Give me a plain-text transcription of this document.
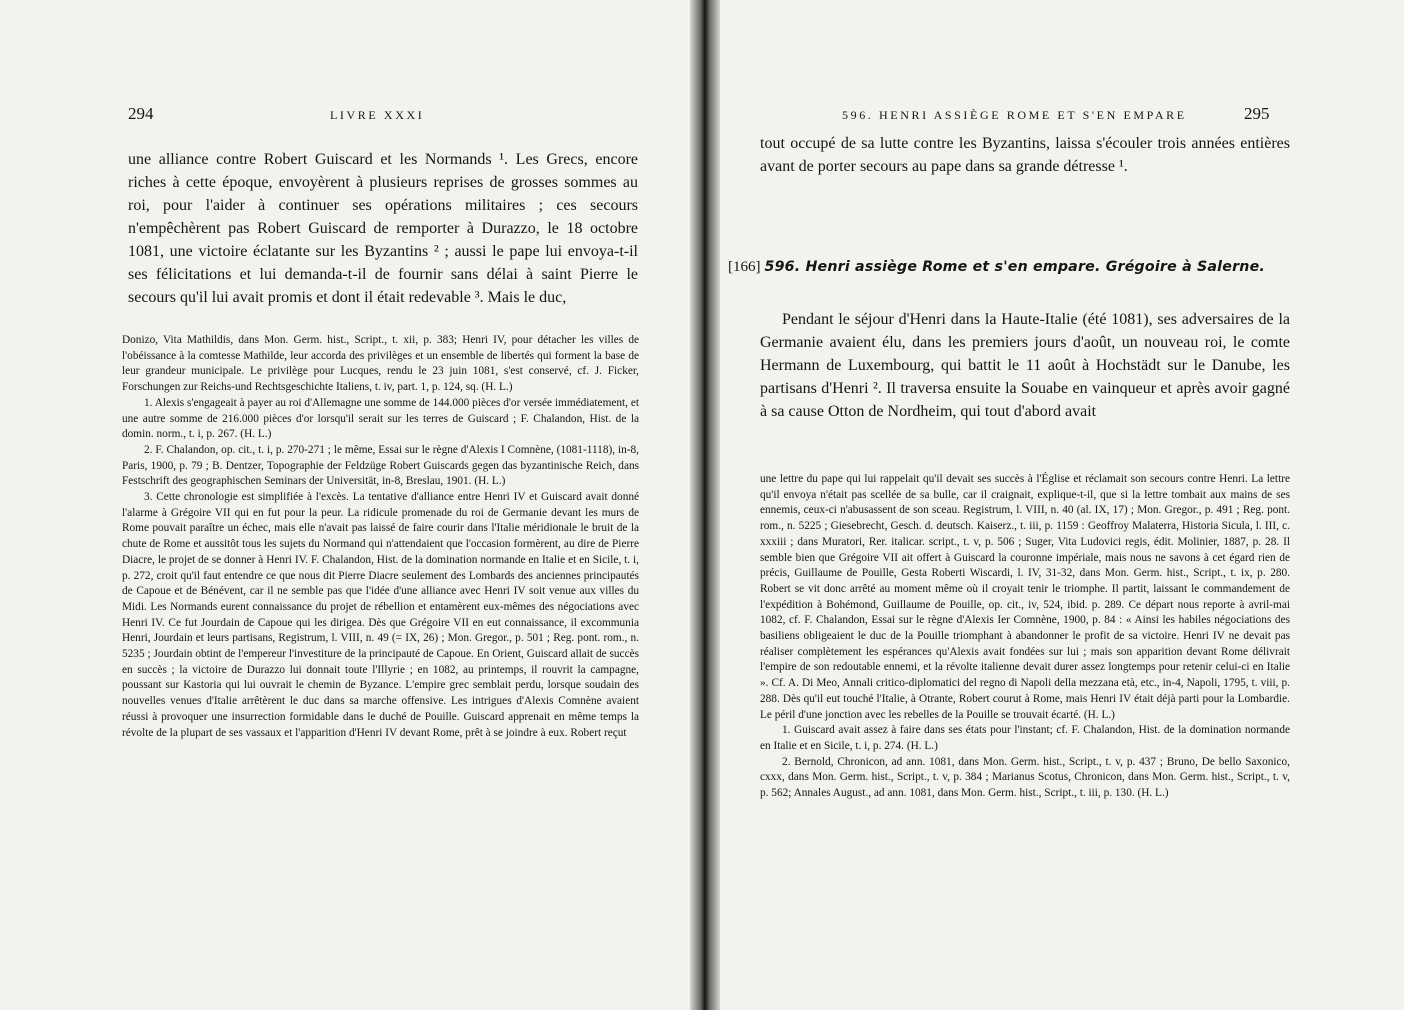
294	LIVRE XXXI

une alliance contre Robert Guiscard et les Normands ¹. Les Grecs, encore riches à cette époque, envoyèrent à plusieurs reprises de grosses sommes au roi, pour l'aider à continuer ses opérations militaires ; ces secours n'empêchèrent pas Robert Guiscard de remporter à Durazzo, le 18 octobre 1081, une victoire éclatante sur les Byzantins ² ; aussi le pape lui envoya-t-il ses félicitations et lui demanda-t-il de fournir sans délai à saint Pierre le secours qu'il lui avait promis et dont il était redevable ³. Mais le duc,

Donizo, Vita Mathildis, dans Mon. Germ. hist., Script., t. xii, p. 383; Henri IV, pour détacher les villes de l'obéissance à la comtesse Mathilde, leur accorda des privilèges et un ensemble de libertés qui forment la base de leur grandeur municipale. Le privilège pour Lucques, rendu le 23 juin 1081, s'est conservé, cf. J. Ficker, Forschungen zur Reichs-und Rechtsgeschichte Italiens, t. iv, part. 1, p. 124, sq. (H. L.)

1. Alexis s'engageait à payer au roi d'Allemagne une somme de 144.000 pièces d'or versée immédiatement, et une autre somme de 216.000 pièces d'or lorsqu'il serait sur les terres de Guiscard ; F. Chalandon, Hist. de la domin. norm., t. i, p. 267. (H. L.)

2. F. Chalandon, op. cit., t. i, p. 270-271 ; le même, Essai sur le règne d'Alexis I Comnène, (1081-1118), in-8, Paris, 1900, p. 79 ; B. Dentzer, Topographie der Feldzüge Robert Guiscards gegen das byzantinische Reich, dans Festschrift des geographischen Seminars der Universität, in-8, Breslau, 1901. (H. L.)

3. Cette chronologie est simplifiée à l'excès. La tentative d'alliance entre Henri IV et Guiscard avait donné l'alarme à Grégoire VII qui en fut pour la peur. La ridicule promenade du roi de Germanie devant les murs de Rome pouvait paraître un échec, mais elle n'avait pas laissé de faire courir dans l'Italie méridionale le bruit de la chute de Rome et aussitôt tous les sujets du Normand qui n'attendaient que l'occasion formèrent, au dire de Pierre Diacre, le projet de se donner à Henri IV. F. Chalandon, Hist. de la domination normande en Italie et en Sicile, t. i, p. 272, croit qu'il faut entendre ce que nous dit Pierre Diacre seulement des Lombards des anciennes principautés de Capoue et de Bénévent, car il ne semble pas que l'idée d'une alliance avec Henri IV soit venue aux villes du Midi. Les Normands eurent connaissance du projet de rébellion et entamèrent eux-mêmes des négociations avec Henri IV. Ce fut Jourdain de Capoue qui les dirigea. Dès que Grégoire VII en eut connaissance, il excommunia Henri, Jourdain et leurs partisans, Registrum, l. VIII, n. 49 (= IX, 26) ; Mon. Gregor., p. 501 ; Reg. pont. rom., n. 5235 ; Jourdain obtint de l'empereur l'investiture de la principauté de Capoue. En Orient, Guiscard allait de succès en succès ; la victoire de Durazzo lui donnait toute l'Illyrie ; en 1082, au printemps, il rouvrit la campagne, poussant sur Kastoria qui lui ouvrait le chemin de Byzance. L'empire grec semblait perdu, lorsque soudain des nouvelles venues d'Italie arrêtèrent le duc dans sa marche offensive. Les intrigues d'Alexis Comnène avaient réussi à provoquer une insurrection formidable dans le duché de Pouille. Guiscard apprenait en même temps la révolte de la plupart de ses vassaux et l'apparition d'Henri IV devant Rome, prêt à se joindre à eux. Robert reçut

596. HENRI ASSIÈGE ROME ET S'EN EMPARE	295

tout occupé de sa lutte contre les Byzantins, laissa s'écouler trois années entières avant de porter secours au pape dans sa grande détresse ¹.

Pendant le séjour d'Henri dans la Haute-Italie (été 1081), ses adversaires de la Germanie avaient élu, dans les premiers jours d'août, un nouveau roi, le comte Hermann de Luxembourg, qui battit le 11 août à Hochstädt sur le Danube, les partisans d'Henri ². Il traversa ensuite la Souabe en vainqueur et après avoir gagné à sa cause Otton de Nordheim, qui tout d'abord avait

une lettre du pape qui lui rappelait qu'il devait ses succès à l'Église et réclamait son secours contre Henri. La lettre qu'il envoya n'était pas scellée de sa bulle, car il craignait, explique-t-il, que si la lettre tombait aux mains de ses ennemis, ceux-ci n'abusassent de son sceau. Registrum, l. VIII, n. 40 (al. IX, 17) ; Mon. Gregor., p. 491 ; Reg. pont. rom., n. 5225 ; Giesebrecht, Gesch. d. deutsch. Kaiserz., t. iii, p. 1159 : Geoffroy Malaterra, Historia Sicula, l. III, c. xxxiii ; dans Muratori, Rer. italicar. script., t. v, p. 506 ; Suger, Vita Ludovici regis, édit. Molinier, 1887, p. 28. Il semble bien que Grégoire VII ait offert à Guiscard la couronne impériale, mais nous ne savons à cet égard rien de précis, Guillaume de Pouille, Gesta Roberti Wiscardi, l. IV, 31-32, dans Mon. Germ. hist., Script., t. ix, p. 280. Robert se vit donc arrêté au moment même où il croyait tenir le triomphe. Il partit, laissant le commandement de l'expédition à Bohémond, Guillaume de Pouille, op. cit., iv, 524, ibid. p. 289. Ce départ nous reporte à avril-mai 1082, cf. F. Chalandon, Essai sur le règne d'Alexis Ier Comnène, 1900, p. 84 : « Ainsi les habiles négociations des basiliens obligeaient le duc de la Pouille triomphant à abandonner le profit de sa victoire. Henri IV ne devait pas réaliser complètement les espérances qu'Alexis avait fondées sur lui ; mais son apparition devant Rome délivrait l'empire de son redoutable ennemi, et la révolte italienne devait durer assez longtemps pour retenir celui-ci en Italie ». Cf. A. Di Meo, Annali critico-diplomatici del regno di Napoli della mezzana età, etc., in-4, Napoli, 1795, t. viii, p. 288. Dès qu'il eut touché l'Italie, à Otrante, Robert courut à Rome, mais Henri IV était déjà parti pour la Lombardie. Le péril d'une jonction avec les rebelles de la Pouille se trouvait écarté. (H. L.)

1. Guiscard avait assez à faire dans ses états pour l'instant; cf. F. Chalandon, Hist. de la domination normande en Italie et en Sicile, t. i, p. 274. (H. L.)

2. Bernold, Chronicon, ad ann. 1081, dans Mon. Germ. hist., Script., t. v, p. 437 ; Bruno, De bello Saxonico, cxxx, dans Mon. Germ. hist., Script., t. v, p. 384 ; Marianus Scotus, Chronicon, dans Mon. Germ. hist., Script., t. v, p. 562; Annales August., ad ann. 1081, dans Mon. Germ. hist., Script., t. iii, p. 130. (H. L.)

[166] 596. Henri assiège Rome et s'en empare. Grégoire à Salerne.
